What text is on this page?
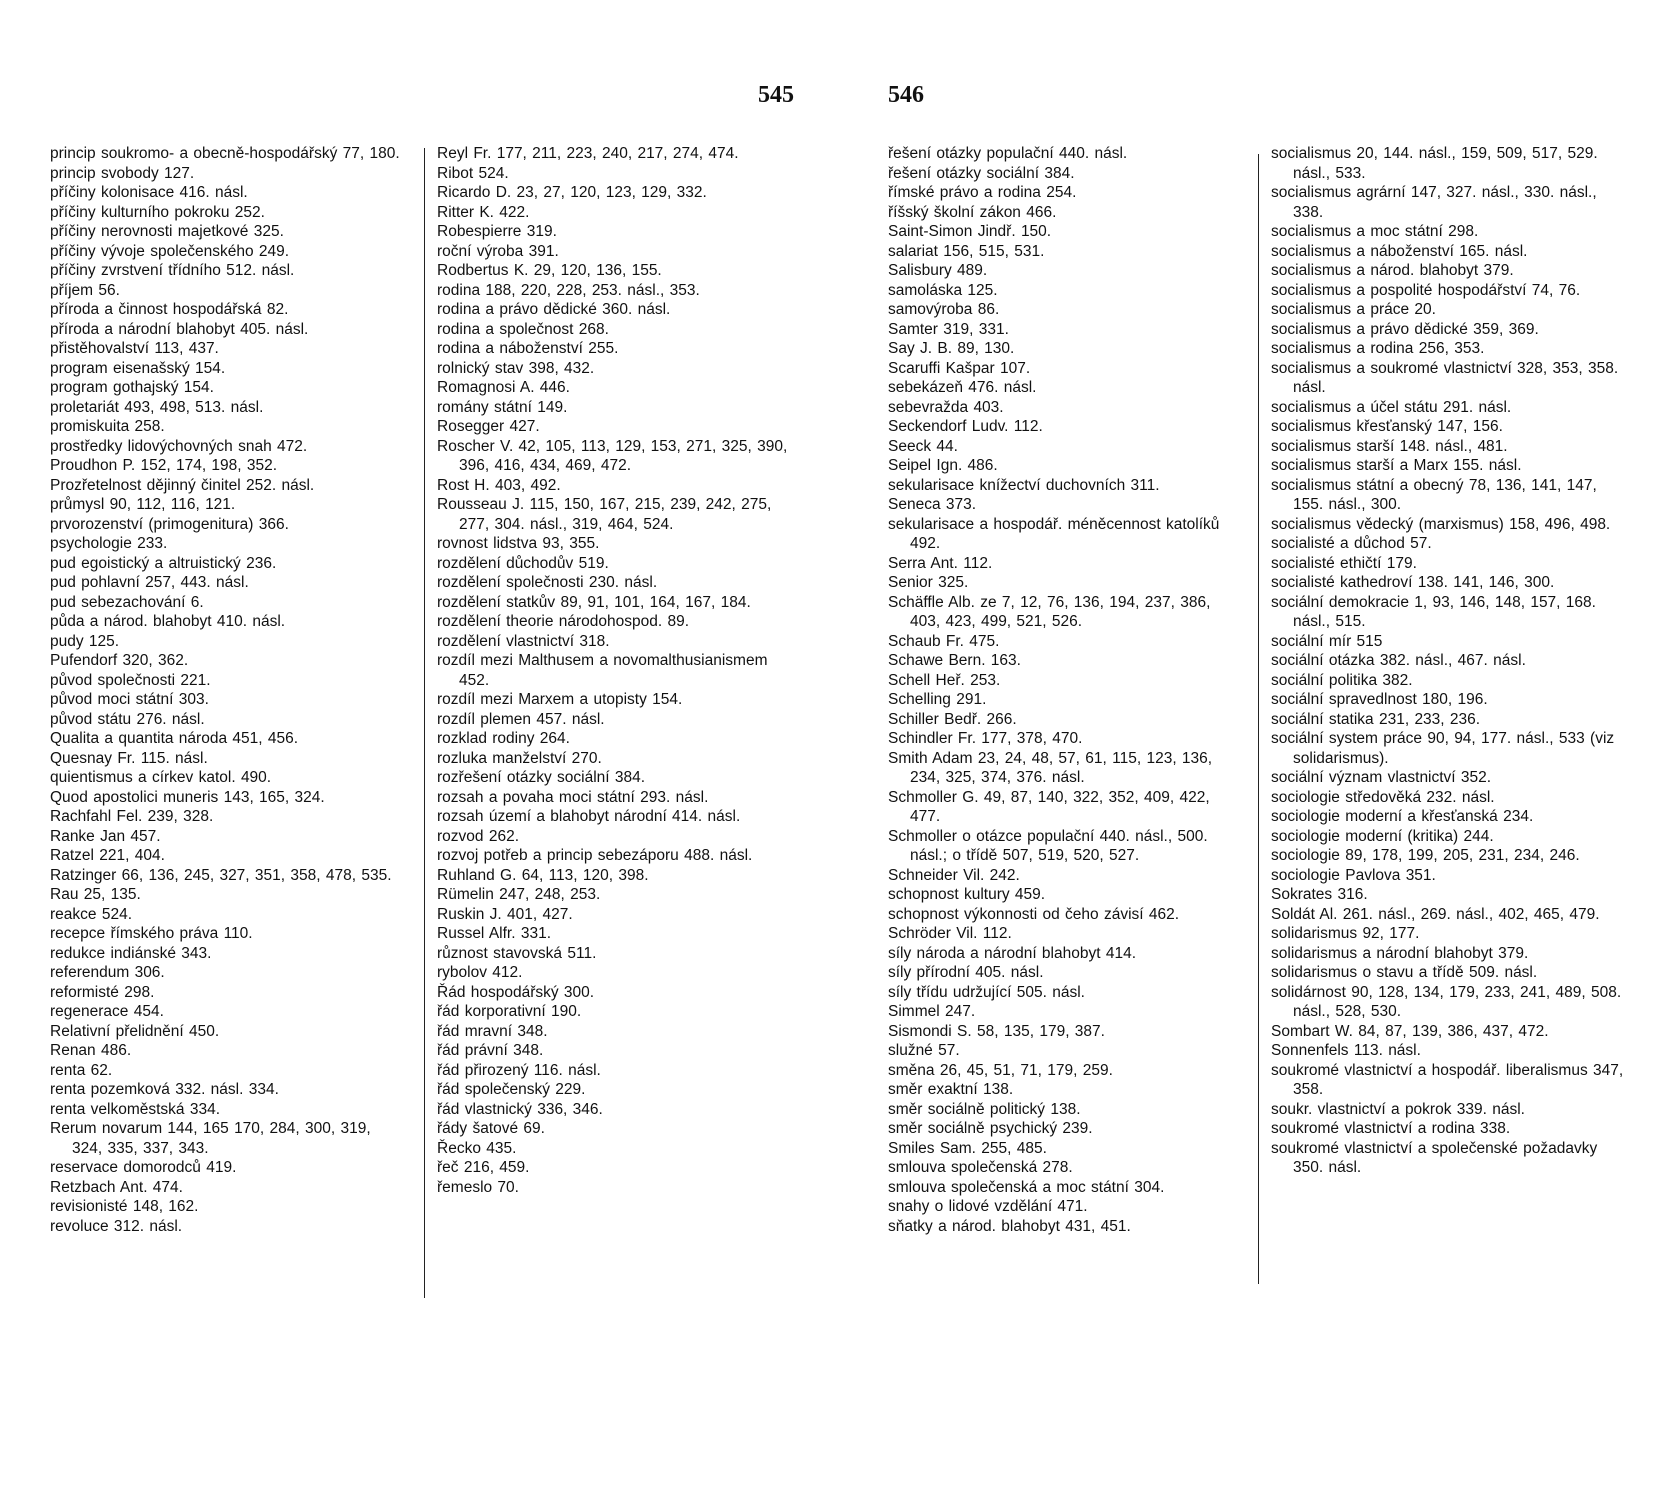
545	546
princip soukromo- a obecně-hospodářský 77, 180.
princip svobody 127.
příčiny kolonisace 416. násl.
příčiny kulturního pokroku 252.
příčiny nerovnosti majetkové 325.
příčiny vývoje společenského 249.
příčiny zvrstvení třídního 512. násl.
příjem 56.
příroda a činnost hospodářská 82.
příroda a národní blahobyt 405. násl.
přistěhovalství 113, 437.
program eisenašský 154.
program gothajský 154.
proletariát 493, 498, 513. násl.
promiskuita 258.
prostředky lidovýchovných snah 472.
Proudhon P. 152, 174, 198, 352.
Prozřetelnost dějinný činitel 252. násl.
průmysl 90, 112, 116, 121.
prvorozenství (primogenitura) 366.
psychologie 233.
pud egoistický a altruistický 236.
pud pohlavní 257, 443. násl.
pud sebezachování 6.
půda a národ. blahobyt 410. násl.
pudy 125.
Pufendorf 320, 362.
původ společnosti 221.
původ moci státní 303.
původ státu 276. násl.
Qualita a quantita národa 451, 456.
Quesnay Fr. 115. násl.
quientismus a církev katol. 490.
Quod apostolici muneris 143, 165, 324.
Rachfahl Fel. 239, 328.
Ranke Jan 457.
Ratzel 221, 404.
Ratzinger 66, 136, 245, 327, 351, 358, 478, 535.
Rau 25, 135.
reakce 524.
recepce římského práva 110.
redukce indiánské 343.
referendum 306.
reformisté 298.
regenerace 454.
Relativní přelidnění 450.
Renan 486.
renta 62.
renta pozemková 332. násl. 334.
renta velkoměstská 334.
Rerum novarum 144, 165 170, 284, 300, 319, 324, 335, 337, 343.
reservace domorodců 419.
Retzbach Ant. 474.
revisionisté 148, 162.
revoluce 312. násl.
Reyl Fr. 177, 211, 223, 240, 217, 274, 474.
Ribot 524.
Ricardo D. 23, 27, 120, 123, 129, 332.
Ritter K. 422.
Robespierre 319.
roční výroba 391.
Rodbertus K. 29, 120, 136, 155.
rodina 188, 220, 228, 253. násl., 353.
rodina a právo dědické 360. násl.
rodina a společnost 268.
rodina a náboženství 255.
rolnický stav 398, 432.
Romagnosi A. 446.
romány státní 149.
Rosegger 427.
Roscher V. 42, 105, 113, 129, 153, 271, 325, 390, 396, 416, 434, 469, 472.
Rost H. 403, 492.
Rousseau J. 115, 150, 167, 215, 239, 242, 275, 277, 304. násl., 319, 464, 524.
rovnost lidstva 93, 355.
rozdělení důchodův 519.
rozdělení společnosti 230. násl.
rozdělení statkův 89, 91, 101, 164, 167, 184.
rozdělení theorie národohospod. 89.
rozdělení vlastnictví 318.
rozdíl mezi Malthusem a novomalthusianismem 452.
rozdíl mezi Marxem a utopisty 154.
rozdíl plemen 457. násl.
rozklad rodiny 264.
rozluka manželství 270.
rozřešení otázky sociální 384.
rozsah a povaha moci státní 293. násl.
rozsah území a blahobyt národní 414. násl.
rozvod 262.
rozvoj potřeb a princip sebezáporu 488. násl.
Ruhland G. 64, 113, 120, 398.
Rümelin 247, 248, 253.
Ruskin J. 401, 427.
Russel Alfr. 331.
různost stavovská 511.
rybolov 412.
Řád hospodářský 300.
řád korporativní 190.
řád mravní 348.
řád právní 348.
řád přirozený 116. násl.
řád společenský 229.
řád vlastnický 336, 346.
řády šatové 69.
Řecko 435.
řeč 216, 459.
řemeslo 70.
řešení otázky populační 440. násl.
řešení otázky sociální 384.
římské právo a rodina 254.
říšský školní zákon 466.
Saint-Simon Jindř. 150.
salariat 156, 515, 531.
Salisbury 489.
samoláska 125.
samovýroba 86.
Samter 319, 331.
Say J. B. 89, 130.
Scaruffi Kašpar 107.
sebekázeň 476. násl.
sebevražda 403.
Seckendorf Ludv. 112.
Seeck 44.
Seipel Ign. 486.
sekularisace knížectví duchovních 311.
Seneca 373.
sekularisace a hospodář. méněcennost katolíků 492.
Serra Ant. 112.
Senior 325.
Schäffle Alb. ze 7, 12, 76, 136, 194, 237, 386, 403, 423, 499, 521, 526.
Schaub Fr. 475.
Schawe Bern. 163.
Schell Heř. 253.
Schelling 291.
Schiller Bedř. 266.
Schindler Fr. 177, 378, 470.
Smith Adam 23, 24, 48, 57, 61, 115, 123, 136, 234, 325, 374, 376. násl.
Schmoller G. 49, 87, 140, 322, 352, 409, 422, 477.
Schmoller o otázce populační 440. násl., 500. násl.; o třídě 507, 519, 520, 527.
Schneider Vil. 242.
schopnost kultury 459.
schopnost výkonnosti od čeho závisí 462.
Schröder Vil. 112.
síly národa a národní blahobyt 414.
síly přírodní 405. násl.
síly třídu udržující 505. násl.
Simmel 247.
Sismondi S. 58, 135, 179, 387.
služné 57.
směna 26, 45, 51, 71, 179, 259.
směr exaktní 138.
směr sociálně politický 138.
směr sociálně psychický 239.
Smiles Sam. 255, 485.
smlouva společenská 278.
smlouva společenská a moc státní 304.
snahy o lidové vzdělání 471.
sňatky a národ. blahobyt 431, 451.
socialismus 20, 144. násl., 159, 509, 517, 529. násl., 533.
socialismus agrární 147, 327. násl., 330. násl., 338.
socialismus a moc státní 298.
socialismus a náboženství 165. násl.
socialismus a národ. blahobyt 379.
socialismus a pospolité hospodářství 74, 76.
socialismus a práce 20.
socialismus a právo dědické 359, 369.
socialismus a rodina 256, 353.
socialismus a soukromé vlastnictví 328, 353, 358. násl.
socialismus a účel státu 291. násl.
socialismus křesťanský 147, 156.
socialismus starší 148. násl., 481.
socialismus starší a Marx 155. násl.
socialismus státní a obecný 78, 136, 141, 147, 155. násl., 300.
socialismus vědecký (marxismus) 158, 496, 498.
socialisté a důchod 57.
socialisté ethičtí 179.
socialisté kathedroví 138. 141, 146, 300.
sociální demokracie 1, 93, 146, 148, 157, 168. násl., 515.
sociální mír 515
sociální otázka 382. násl., 467. násl.
sociální politika 382.
sociální spravedlnost 180, 196.
sociální statika 231, 233, 236.
sociální system práce 90, 94, 177. násl., 533 (viz solidarismus).
sociální význam vlastnictví 352.
sociologie středověká 232. násl.
sociologie moderní a křesťanská 234.
sociologie moderní (kritika) 244.
sociologie 89, 178, 199, 205, 231, 234, 246.
sociologie Pavlova 351.
Sokrates 316.
Soldát Al. 261. násl., 269. násl., 402, 465, 479.
solidarismus 92, 177.
solidarismus a národní blahobyt 379.
solidarismus o stavu a třídě 509. násl.
solidárnost 90, 128, 134, 179, 233, 241, 489, 508. násl., 528, 530.
Sombart W. 84, 87, 139, 386, 437, 472.
Sonnenfels 113. násl.
soukromé vlastnictví a hospodář. liberalismus 347, 358.
soukr. vlastnictví a pokrok 339. násl.
soukromé vlastnictví a rodina 338.
soukromé vlastnictví a společenské požadavky 350. násl.
